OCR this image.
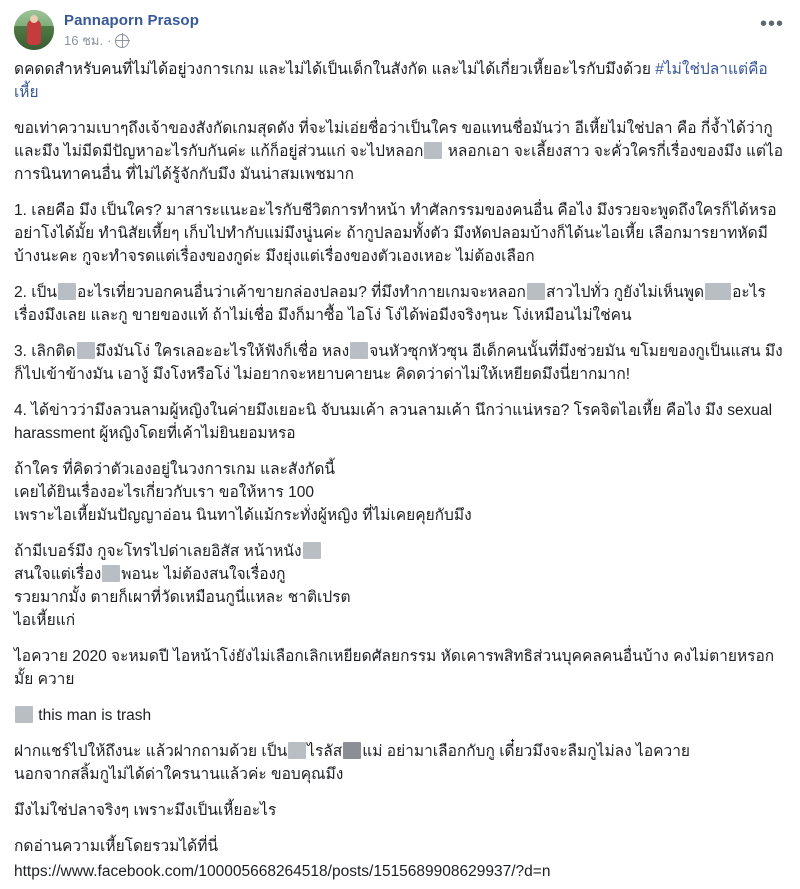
Pannaporn Prasop
16 ชม. ·
•••
ดคดดสำหรับคนที่ไม่ได้อยู่วงการเกม และไม่ได้เป็นเด็กในสังกัด และไม่ได้เกี่ยวเหี้ยอะไรกับมึงด้วย #ไม่ใช่ปลาแต่คือเหี้ย
ขอเท่าความเบาๆถึงเจ้าของสังกัดเกมสุดดัง ที่จะไม่เอ่ยชื่อว่าเป็นใคร ขอแทนชื่อมันว่า อีเหี้ยไม่ใช่ปลา คือ กี่จ้ำได้ว่ากู และมึง ไม่มีดมีปัญหาอะไรกับกันค่ะ แก้ก็อยู่ส่วนแก่ จะไปหลอก หลอกเอา จะเลี้ยงสาว จะคั่วใครกี่เรื่องของมึง แต่ไอการนินทาคนอื่น ที่ไม่ได้รู้จักกับมึง มันน่าสมเพชมาก
1. เลยคือ มึง เป็นใคร? มาสาระแนะอะไรกับชีวิตการทำหน้า ทำศัลกรรมของคนอื่น คือไง มึงรวยจะพูดถึงใครก็ได้หรอ อย่าโงได้มั้ย ทำนิสัยเหี้ยๆ เก็บไปทำกับแม่มึงนู่นค่ะ ถ้ากูปลอมทั้งตัว มึงหัดปลอมบ้างก็ได้นะไอเหี้ย เลือกมารยาทหัดมีบ้างนะคะ กูจะทำจรดแต่เรื่องของกูด่ะ มึงยุ่งแต่เรื่องของตัวเองเหอะ ไม่ต้องเลือก
2. เป็น อะไรเที่ยวบอกคนอื่นว่าเค้าขายกล่องปลอม? ที่มึงทำกายเกมจะหลอก สาวไปทั่ว กูยังไม่เห็นพูด อะไรเรื่องมึงเลย และกู ขายของแท้ ถ้าไม่เชื่อ มึงก็มาซื้อ ไอโง่ โง่ได้พ่อมีงจริงๆนะ โง่เหมือนไม่ใช่คน
3. เลิกติด มึงมันโง่ ใครเลอะอะไรให้ฟังก็เชื่อ หลง จนหัวซุกหัวซุน อีเด็กคนนั้นที่มึงช่วยมัน ขโมยของกูเป็นแสน มึงก็ไปเข้าข้างมัน เอางู้ มึงโงหรือโง่ ไม่อยากจะหยาบคายนะ คิดดว่าด่าไม่ให้เหยียดมึงนี่ยากมาก!
4. ได้ข่าวว่ามึงลวนลามผู้หญิงในค่ายมึงเยอะนิ จับนมเค้า ลวนลามเค้า นึกว่าแน่หรอ? โรคจิตไอเหี้ย คือไง มึง sexual harassment ผู้หญิงโดยที่เค้าไม่ยินยอมหรอ
ถ้าใคร ที่คิดว่าตัวเองอยู่ในวงการเกม และสังกัดนี้
เคยได้ยินเรื่องอะไรเกี่ยวกับเรา ขอให้หาร 100
เพราะไอเหี้ยมันปัญญาอ่อน นินทาได้แม้กระทั่งผู้หญิง ที่ไม่เคยคุยกับมึง
ถ้ามีเบอร์มึง กูจะโทรไปด่าเลยอิสัส หน้าหนัง
สนใจแต่เรื่อง พอนะ ไม่ต้องสนใจเรื่องกู
รวยมากมั้ง ตายก็เผาที่วัดเหมือนกูนี่แหละ ชาติเปรต
ไอเหี้ยแก่
ไอควาย 2020 จะหมดปี ไอหน้าโง่ยังไม่เลือกเลิกเหยียดศัลยกรรม หัดเคารพสิทธิส่วนบุคคลคนอื่นบ้าง คงไม่ตายหรอกมั้ย ควาย
this man is trash
ฝากแชร์ไปให้ถึงนะ แล้วฝากถามด้วย เป็น ไรลัส แม่ อย่ามาเลือกกับกู เดี๋ยวมึงจะลืมกูไม่ลง ไอควาย
นอกจากสลิ้มกูไม่ได้ด่าใครนานแล้วค่ะ ขอบคุณมึง
มึงไม่ใช่ปลาจริงๆ เพราะมึงเป็นเหี้ยอะไร
กดอ่านความเหี้ยโดยรวมได้ที่นี่
https://www.facebook.com/100005668264518/posts/1515689908629937/?d=n
